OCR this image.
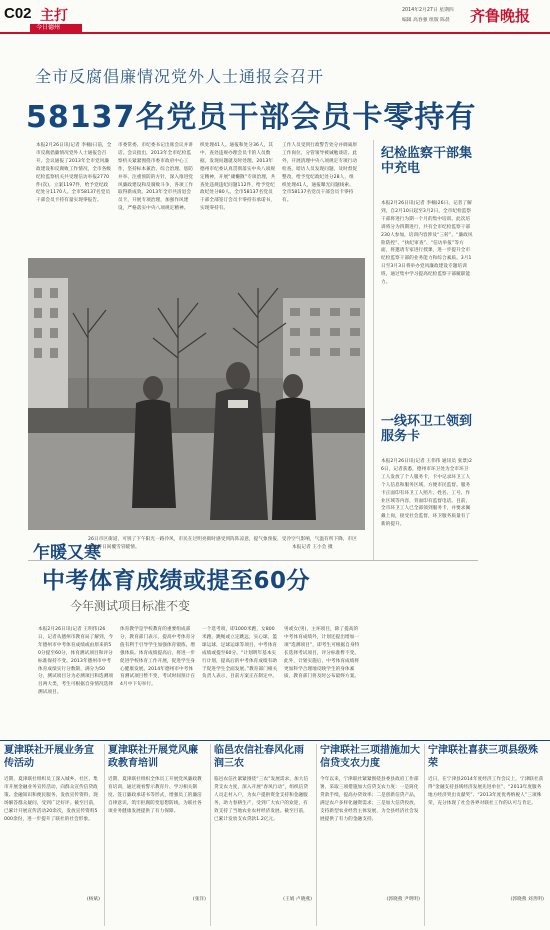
C02 主打
今日德州
2014年2月27日 星期四
编辑 高春强 组版 陈晨 齐鲁晚报
全市反腐倡廉情况党外人士通报会召开
58137名党员干部会员卡零持有
本报2月26日讯(记者 李楠)日前，全市反腐倡廉情况党外人士通报会召开。会议通报了2013年全市党风廉政建设和反腐败工作情况，全市各级纪检监察机关共受理信访举报2770件(次)，立案1197件，给予党纪政纪处分1170人。全市58137名党员干部会员卡持有量实现零报告。
市委常委、市纪委书记出席会议并讲话。会议指出，2013年全市纪检监察机关紧紧围绕市委市政府中心工作，坚持标本兼治、综合治理、惩防并举、注重预防的方针，深入推进党风廉政建设和反腐败斗争，各项工作取得新成效。2013年全市共清退会员卡，开展专项治理，加强作风建设，严格落实中央八项规定精神。
织处理41人。通报和处分36人，其中，查处违规办理会员卡的人员数据，发现问题就及时处理。2013年德州市纪委认真贯彻落实中央八项规定精神，开展“庸懒散”专项治理，共查处违规违纪问题112件，给予党纪政纪处分80人。全市58137名党员干部全部签订会员卡零持有承诺书，实现零持有。
工作人员受到行政警告处分并调离原工作岗位，分管领导被诫勉谈话。此外，开展清理中央八项规定专项行动检查，暗访人员发现问题，及时督促整改，给予党纪政纪处分28人，组织处理41人，通报曝光问题线索。全市58137名党员干部会员卡零持有。
乍暖又寒
26日市区街道，可别了下午阳光一路冷风，市民在过明亮街时感受到阵阵凉意，提气象预报，受冷空气影响，气温有所下降，市区将维持日间覆雪冒暖情。	本报记者 王小会 摄
纪检监察干部集中充电
本报2月26日讯(记者 李楠)26日，记者了解到，自2月10日起至3月2日，全市纪检监察干部将进行为期一个月的集中培训。此次培训将分为四期进行，共有全市纪检监察干部230人参加，培训内容涉及“三转”、“廉政风险防控”、“执纪审查”、“信访举报”等方面，将邀请专家进行授课，进一步提升全市纪检监察干部的业务能力和综合素质。3月1日至3月3日将举办党风廉政建设专题培训班，通过集中学习提高纪检监察干部履职能力。
一线环卫工领到服务卡
本报2月26日讯(记者 王伟伟 通讯员 张景)26日，记者获悉，德州市环卫处为全市环卫工人发放了个人服务卡，卡中记录环卫工人个人信息和服务区域，方便市民监督。服务卡正面印有环卫工人照片、姓名、工号、作业区域等内容，背面印有监督电话。目前，全市环卫工人已全部领到服务卡，并要求佩戴上岗，接受社会监督，环卫服务质量有了新的提升。
中考体育成绩或提至60分
今年测试项目标准不变
本报2月26日讯(记者 王明伟)26日，记者从德州市教育局了解到，今年德州市中考体育成绩或由原来的50分提至60分，体育测试项目和评分标准保持不变。2013年德州市中考体育成绩实行分数制，满分为50分，测试项目分为必测项目和选测项目两大类，考生可根据自身情况选择测试项目。
体育教学是学校教育的重要组成部分，教育部门表示，提高中考体育分值有利于引导学生加强体育锻炼，增强体质。体育成绩提高后，将进一步促进学校体育工作开展，促进学生身心健康发展。2014年德州市中考体育测试项目暂不变，考试时间预计在4月中下旬举行。
一个选考项，即1000米跑，女800米跑，跳绳或立定跳远，实心球，篮球运球，足球运球等项目，中考体育成绩或提至60分。“计划明年基本实行计划，提高后的中考体育成绩有助于促进学生全面发展。”教育部门相关负责人表示，目前方案正在制定中。
男或女(男)，主坏项目，除了提高的中考体育成绩外，计划还提出增加一项“选测项目”，即考生可根据自身特长选择考试项目，评分标准暂不变。此外，计划实施后，中考体育成绩将更加科学合理地反映学生的身体素质，教育部门将及时公布最终方案。
夏津联社开展业务宣传活动
近期，夏津联社组织员工深入城乡、社区、集市开展金融业务宣传活动，向群众宣传信贷政策、金融知识和便民服务，发放宣传资料，现场解答群众疑问，受到广泛好评。截至目前，已累计开展宣传活动20余次，发放宣传资料5000余份，进一步提升了联社的社会形象。
(杨斌)
夏津联社开展党风廉政教育培训
近期，夏津联社组织全体员工开展党风廉政教育培训，通过观看警示教育片、学习相关制度、签订廉政承诺书等形式，增强员工的廉洁自律意识，筑牢拒腐防变思想防线，为联社各项业务健康发展提供了有力保障。
(张洋)
临邑农信社春风化雨润三农
临邑农信社紧紧围绕“三农”发展需求，加大信贷支农力度，深入开展“春风行动”，组织信贷人员走村入户，为农户提供资金支持和金融服务，助力春耕生产，受到广大农户的欢迎，有效支持了当地农业农村经济发展。截至目前，已累计发放支农贷款1.2亿元。
(王娟 卢晓燕)
宁津联社三项措施加大信贷支农力度
今年以来，宁津联社紧紧围绕县委县政府工作部署，采取三项措施加大信贷支农力度：一是简化贷款手续，提高办贷效率；二是创新信贷产品，满足农户多样化融资需求；三是加大信贷投放，支持新型农业经营主体发展，为全县经济社会发展提供了有力的金融支持。
(郭晓燕 尹明明)
宁津联社喜获三项县级殊荣
近日，在宁津县2014年度经济工作会议上，宁津联社获得“金融支持县域经济发展先进单位”、“2013年度服务地方经济突出贡献奖”、“2013年度优秀纳税人”三项殊荣，充分体现了社会各界对联社工作的认可与肯定。
(郭晓燕 刘善明)
